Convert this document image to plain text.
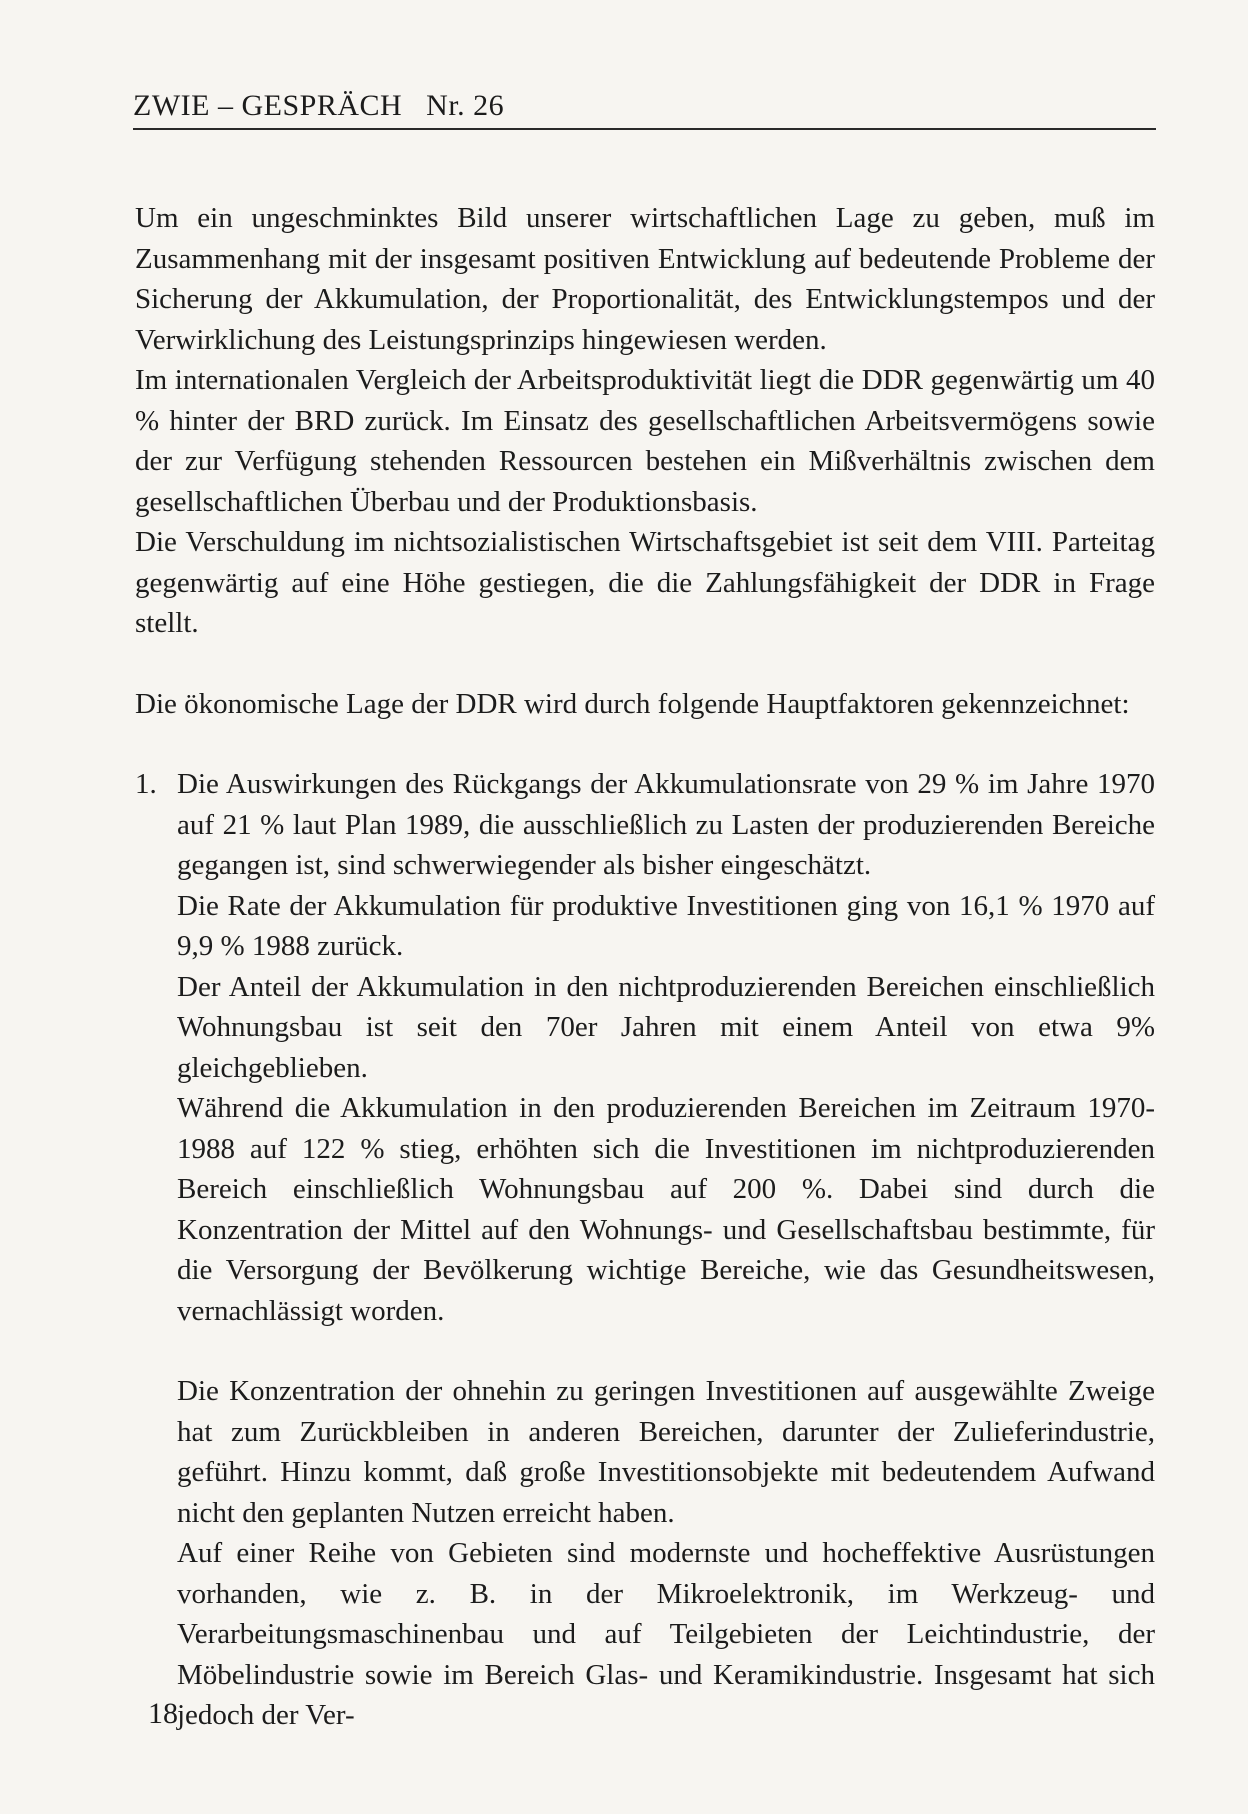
ZWIE – GESPRÄCH   Nr. 26

Um ein ungeschminktes Bild unserer wirtschaftlichen Lage zu geben, muß im Zusammenhang mit der insgesamt positiven Entwicklung auf bedeutende Probleme der Sicherung der Akkumulation, der Proportionalität, des Entwicklungstempos und der Verwirklichung des Leistungsprinzips hingewiesen werden.

Im internationalen Vergleich der Arbeitsproduktivität liegt die DDR gegenwärtig um 40 % hinter der BRD zurück. Im Einsatz des gesellschaftlichen Arbeitsvermögens sowie der zur Verfügung stehenden Ressourcen bestehen ein Mißverhältnis zwischen dem gesellschaftlichen Überbau und der Produktionsbasis.

Die Verschuldung im nichtsozialistischen Wirtschaftsgebiet ist seit dem VIII. Parteitag gegenwärtig auf eine Höhe gestiegen, die die Zahlungsfähigkeit der DDR in Frage stellt.

Die ökonomische Lage der DDR wird durch folgende Hauptfaktoren gekennzeichnet:

1. Die Auswirkungen des Rückgangs der Akkumulationsrate von 29 % im Jahre 1970 auf 21 % laut Plan 1989, die ausschließlich zu Lasten der produzierenden Bereiche gegangen ist, sind schwerwiegender als bisher eingeschätzt.

Die Rate der Akkumulation für produktive Investitionen ging von 16,1 % 1970 auf 9,9 % 1988 zurück.

Der Anteil der Akkumulation in den nichtproduzierenden Bereichen einschließlich Wohnungsbau ist seit den 70er Jahren mit einem Anteil von etwa 9% gleichgeblieben.

Während die Akkumulation in den produzierenden Bereichen im Zeitraum 1970-1988 auf 122 % stieg, erhöhten sich die Investitionen im nichtproduzierenden Bereich einschließlich Wohnungsbau auf 200 %. Dabei sind durch die Konzentration der Mittel auf den Wohnungs- und Gesellschaftsbau bestimmte, für die Versorgung der Bevölkerung wichtige Bereiche, wie das Gesundheitswesen, vernachlässigt worden.

Die Konzentration der ohnehin zu geringen Investitionen auf ausgewählte Zweige hat zum Zurückbleiben in anderen Bereichen, darunter der Zulieferindustrie, geführt. Hinzu kommt, daß große Investitionsobjekte mit bedeutendem Aufwand nicht den geplanten Nutzen erreicht haben.

Auf einer Reihe von Gebieten sind modernste und hocheffektive Ausrüstungen vorhanden, wie z. B. in der Mikroelektronik, im Werkzeug- und Verarbeitungsmaschinenbau und auf Teilgebieten der Leichtindustrie, der Möbelindustrie sowie im Bereich Glas- und Keramikindustrie. Insgesamt hat sich jedoch der Ver-

18
